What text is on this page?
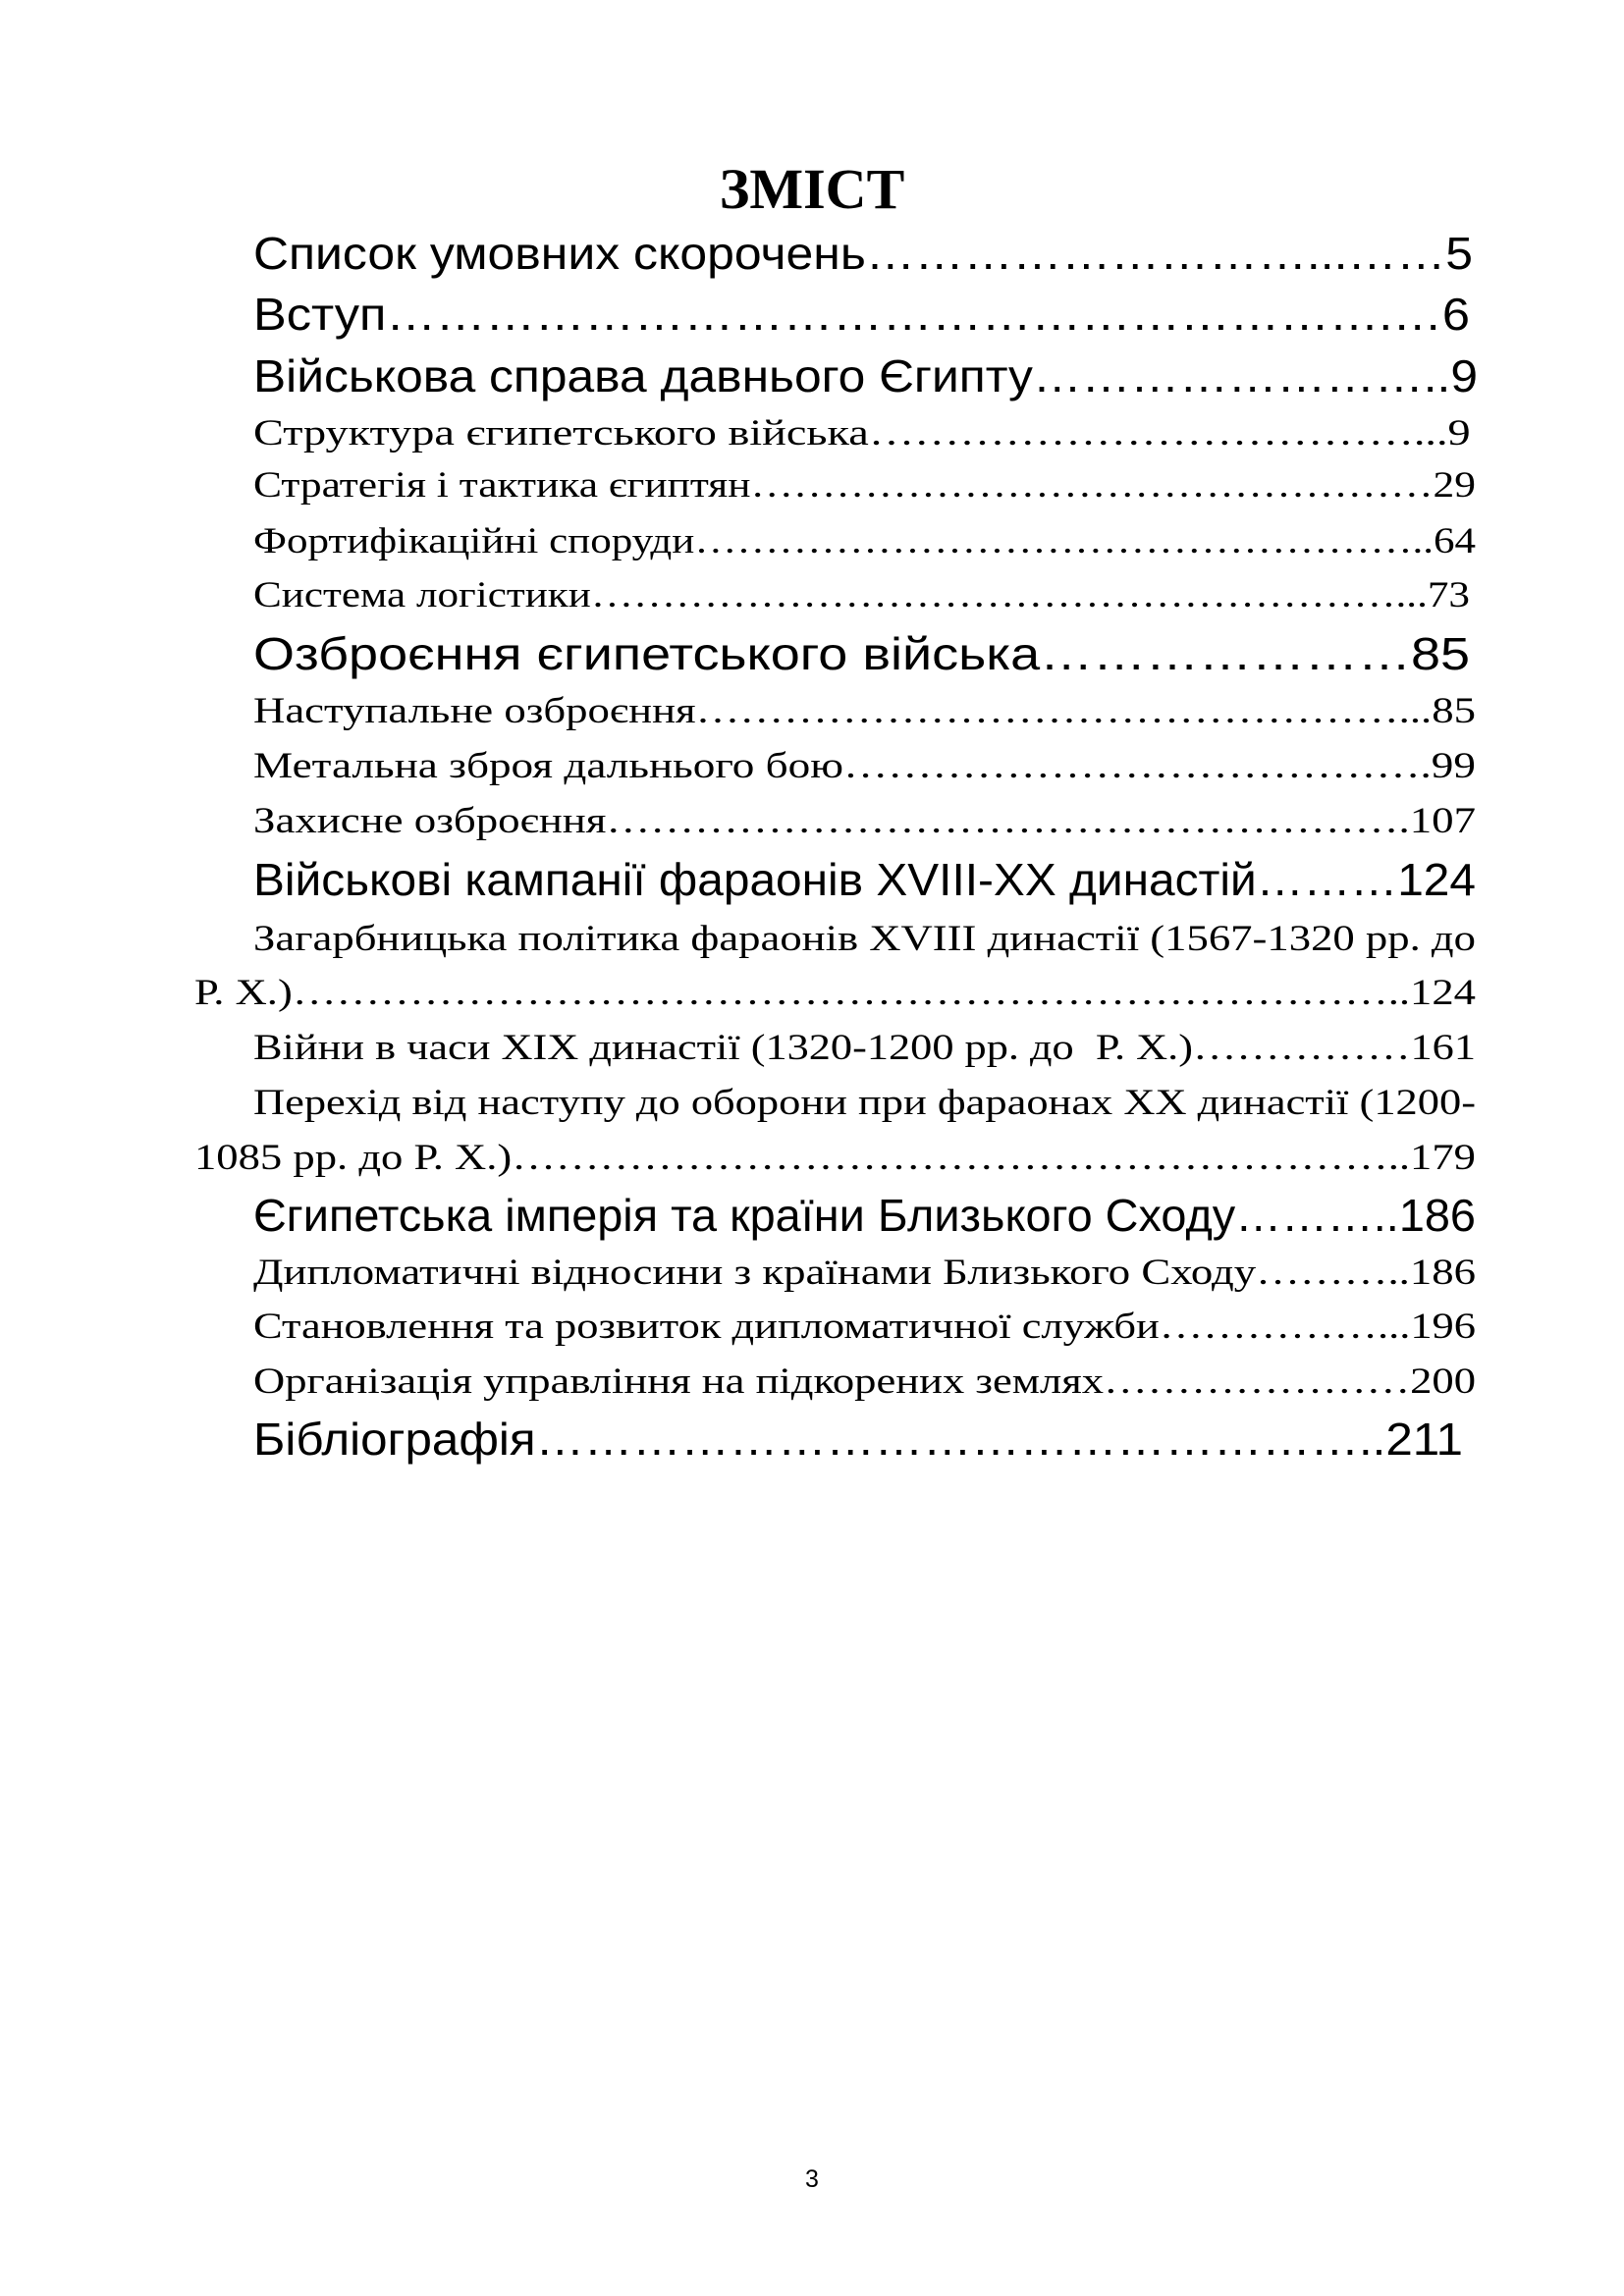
ЗМІСТ
Список умовних скорочень………………………...……5
Вступ…………………………………………………….…6
Військова справа давнього Єгипту……………………..9
Структура єгипетського війська………………………………...9
Стратегія і тактика єгиптян…………………………………………29
Фортифікаційні споруди……………………………………………..64
Система логістики…………………………………………………...73
Озброєння єгипетського війська…………………85
Наступальне озброєння…………………………………………...85
Метальна зброя дальнього бою………………………………….99
Захисне озброєння……………………………………………….107
Військові кампанії фараонів XVIII-XX династій………124
Загарбницька політика фараонів XVIII династії (1567-1320 рр. до
Р. Х.)…………………………………………………………………..124
Війни в часи XIX династії (1320-1200 рр. до  Р. Х.)……………161
Перехід від наступу до оборони при фараонах XX династії (1200-
1085 рр. до Р. Х.)……………………………………………………..179
Єгипетська імперія та країни Близького Сходу………..186
Дипломатичні відносини з країнами Близького Сходу………..186
Становлення та розвиток дипломатичної служби……………...196
Організація управління на підкорених землях…………………200
Бібліографія……………………………………………..211
3
